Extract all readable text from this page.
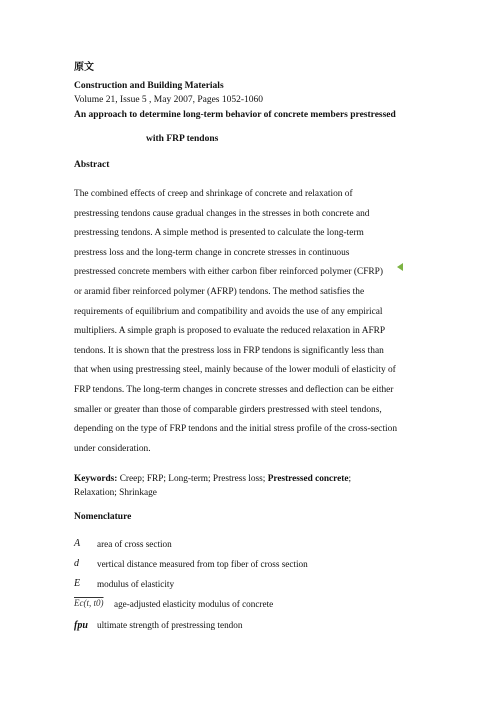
原文
Construction and Building Materials
Volume 21, Issue 5 , May 2007, Pages 1052-1060
An approach to determine long-term behavior of concrete members prestressed
with FRP tendons
Abstract
The combined effects of creep and shrinkage of concrete and relaxation of
prestressing tendons cause gradual changes in the stresses in both concrete and
prestressing tendons. A simple method is presented to calculate the long-term
prestress loss and the long-term change in concrete stresses in continuous
prestressed concrete members with either carbon fiber reinforced polymer (CFRP)
or aramid fiber reinforced polymer (AFRP) tendons. The method satisfies the
requirements of equilibrium and compatibility and avoids the use of any empirical
multipliers. A simple graph is proposed to evaluate the reduced relaxation in AFRP
tendons. It is shown that the prestress loss in FRP tendons is significantly less than
that when using prestressing steel, mainly because of the lower moduli of elasticity of
FRP tendons. The long-term changes in concrete stresses and deflection can be either
smaller or greater than those of comparable girders prestressed with steel tendons,
depending on the type of FRP tendons and the initial stress profile of the cross-section
under consideration.
Keywords: Creep; FRP; Long-term; Prestress loss; Prestressed concrete;
Relaxation; Shrinkage
Nomenclature
A area of cross section
d vertical distance measured from top fiber of cross section
E modulus of elasticity
Ec(t, t0) age-adjusted elasticity modulus of concrete
fpu ultimate strength of prestressing tendon
